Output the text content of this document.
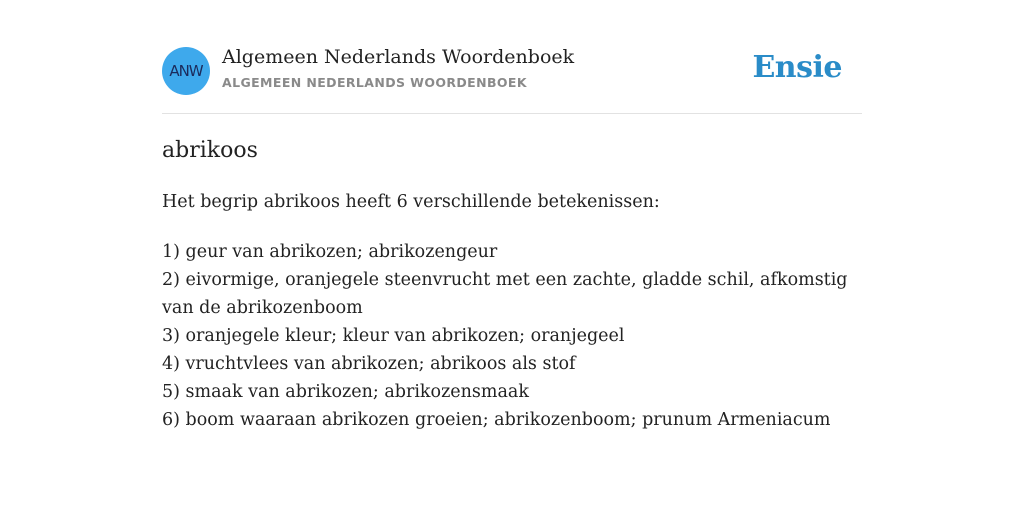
ANW
Algemeen Nederlands Woordenboek
ALGEMEEN NEDERLANDS WOORDENBOEK	Ensie
abrikoos
Het begrip abrikoos heeft 6 verschillende betekenissen:
1) geur van abrikozen; abrikozengeur
2) eivormige, oranjegele steenvrucht met een zachte, gladde schil, afkomstig van de abrikozenboom
3) oranjegele kleur; kleur van abrikozen; oranjegeel
4) vruchtvlees van abrikozen; abrikoos als stof
5) smaak van abrikozen; abrikozensmaak
6) boom waaraan abrikozen groeien; abrikozenboom; prunum Armeniacum
